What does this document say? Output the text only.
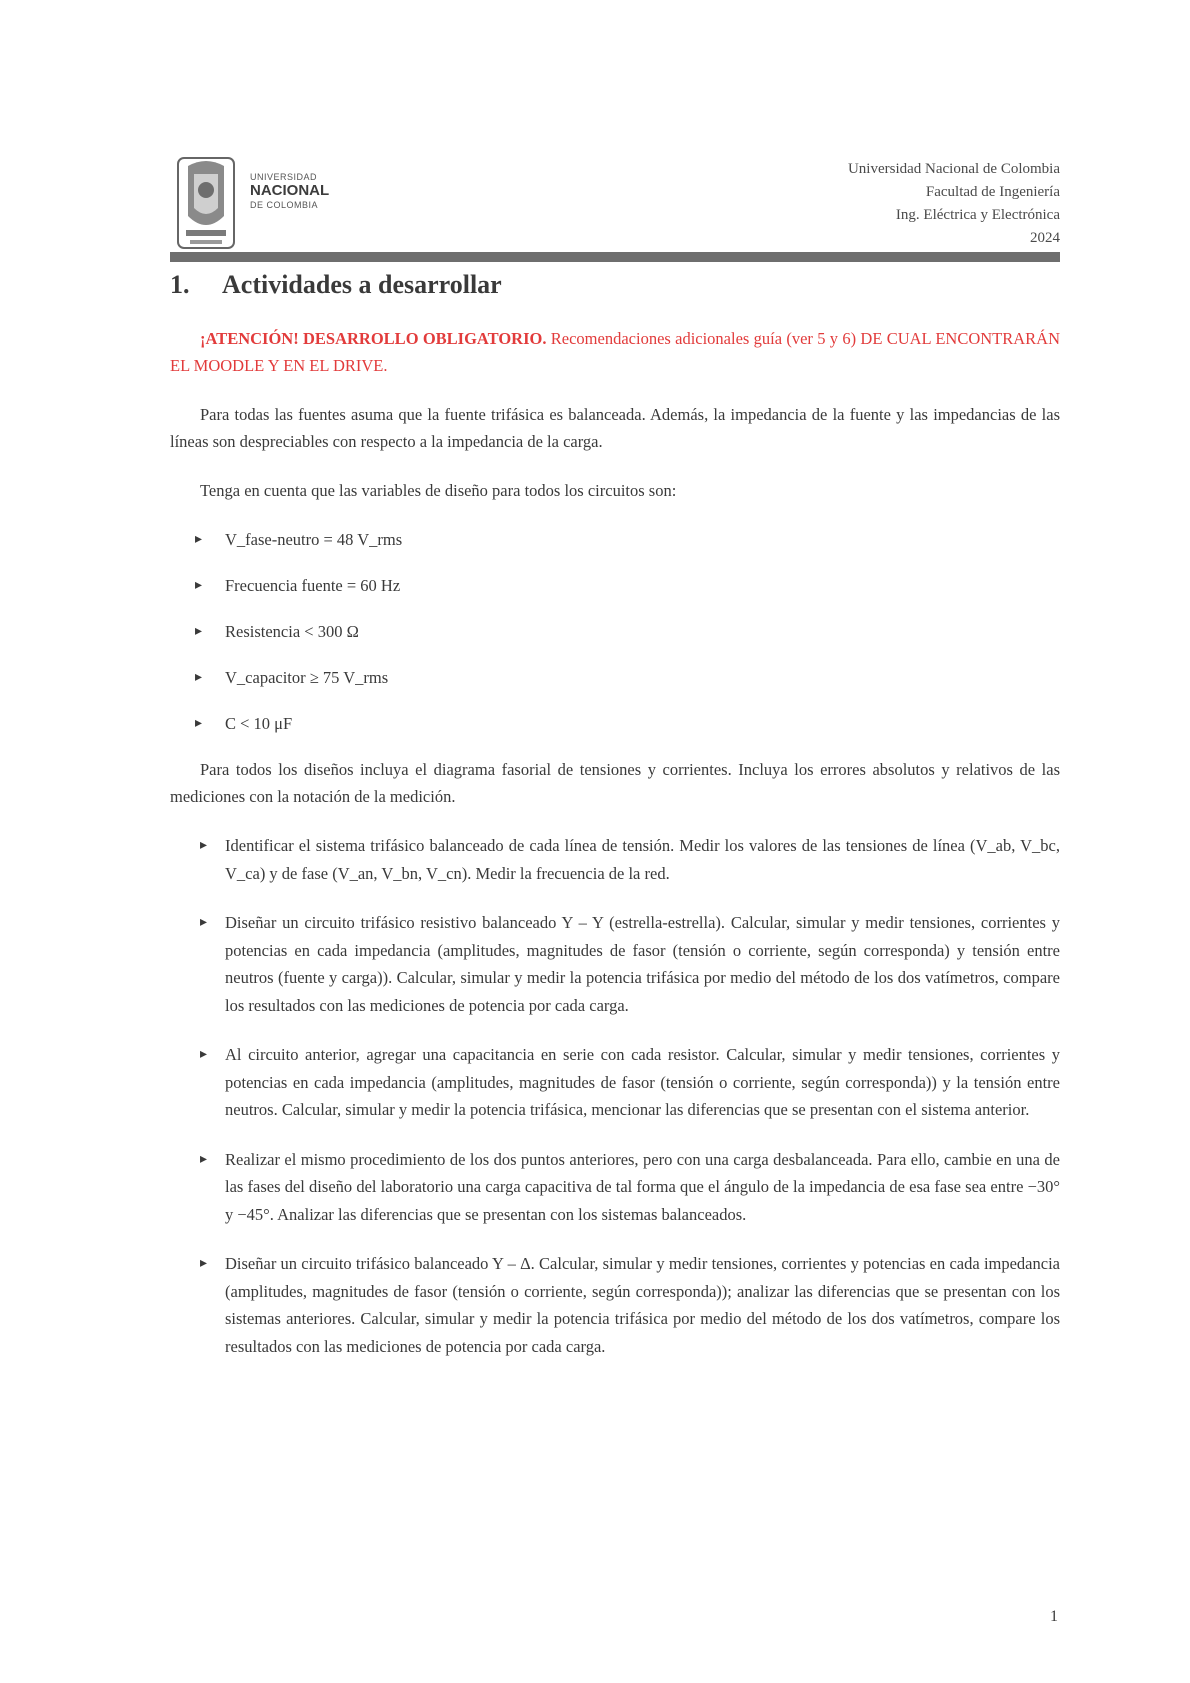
UNIVERSIDAD
NACIONAL
DE COLOMBIA
Universidad Nacional de Colombia
Facultad de Ingeniería
Ing. Eléctrica y Electrónica
2024
1. Actividades a desarrollar

¡ATENCIÓN! DESARROLLO OBLIGATORIO. Recomendaciones adicionales guía (ver 5 y 6) DE CUAL ENCONTRARÁN EL MOODLE Y EN EL DRIVE.

Para todas las fuentes asuma que la fuente trifásica es balanceada. Además, la impedancia de la fuente y las impedancias de las líneas son despreciables con respecto a la impedancia de la carga.

Tenga en cuenta que las variables de diseño para todos los circuitos son:

▸ V_fase-neutro = 48 V_rms
▸ Frecuencia fuente = 60 Hz
▸ Resistencia < 300 Ω
▸ V_capacitor ≥ 75 V_rms
▸ C < 10 μF

Para todos los diseños incluya el diagrama fasorial de tensiones y corrientes. Incluya los errores absolutos y relativos de las mediciones con la notación de la medición.

▸ Identificar el sistema trifásico balanceado de cada línea de tensión. Medir los valores de las tensiones de línea (V_ab, V_bc, V_ca) y de fase (V_an, V_bn, V_cn). Medir la frecuencia de la red.
▸ Diseñar un circuito trifásico resistivo balanceado Y – Y (estrella-estrella). Calcular, simular y medir tensiones, corrientes y potencias en cada impedancia (amplitudes, magnitudes de fasor (tensión o corriente, según corresponda) y tensión entre neutros (fuente y carga)). Calcular, simular y medir la potencia trifásica por medio del método de los dos vatímetros, compare los resultados con las mediciones de potencia por cada carga.
▸ Al circuito anterior, agregar una capacitancia en serie con cada resistor. Calcular, simular y medir tensiones, corrientes y potencias en cada impedancia (amplitudes, magnitudes de fasor (tensión o corriente, según corresponda)) y la tensión entre neutros. Calcular, simular y medir la potencia trifásica, mencionar las diferencias que se presentan con el sistema anterior.
▸ Realizar el mismo procedimiento de los dos puntos anteriores, pero con una carga desbalanceada. Para ello, cambie en una de las fases del diseño del laboratorio una carga capacitiva de tal forma que el ángulo de la impedancia de esa fase sea entre −30° y −45°. Analizar las diferencias que se presentan con los sistemas balanceados.
▸ Diseñar un circuito trifásico balanceado Y – Δ. Calcular, simular y medir tensiones, corrientes y potencias en cada impedancia (amplitudes, magnitudes de fasor (tensión o corriente, según corresponda)); analizar las diferencias que se presentan con los sistemas anteriores. Calcular, simular y medir la potencia trifásica por medio del método de los dos vatímetros, compare los resultados con las mediciones de potencia por cada carga.
1
